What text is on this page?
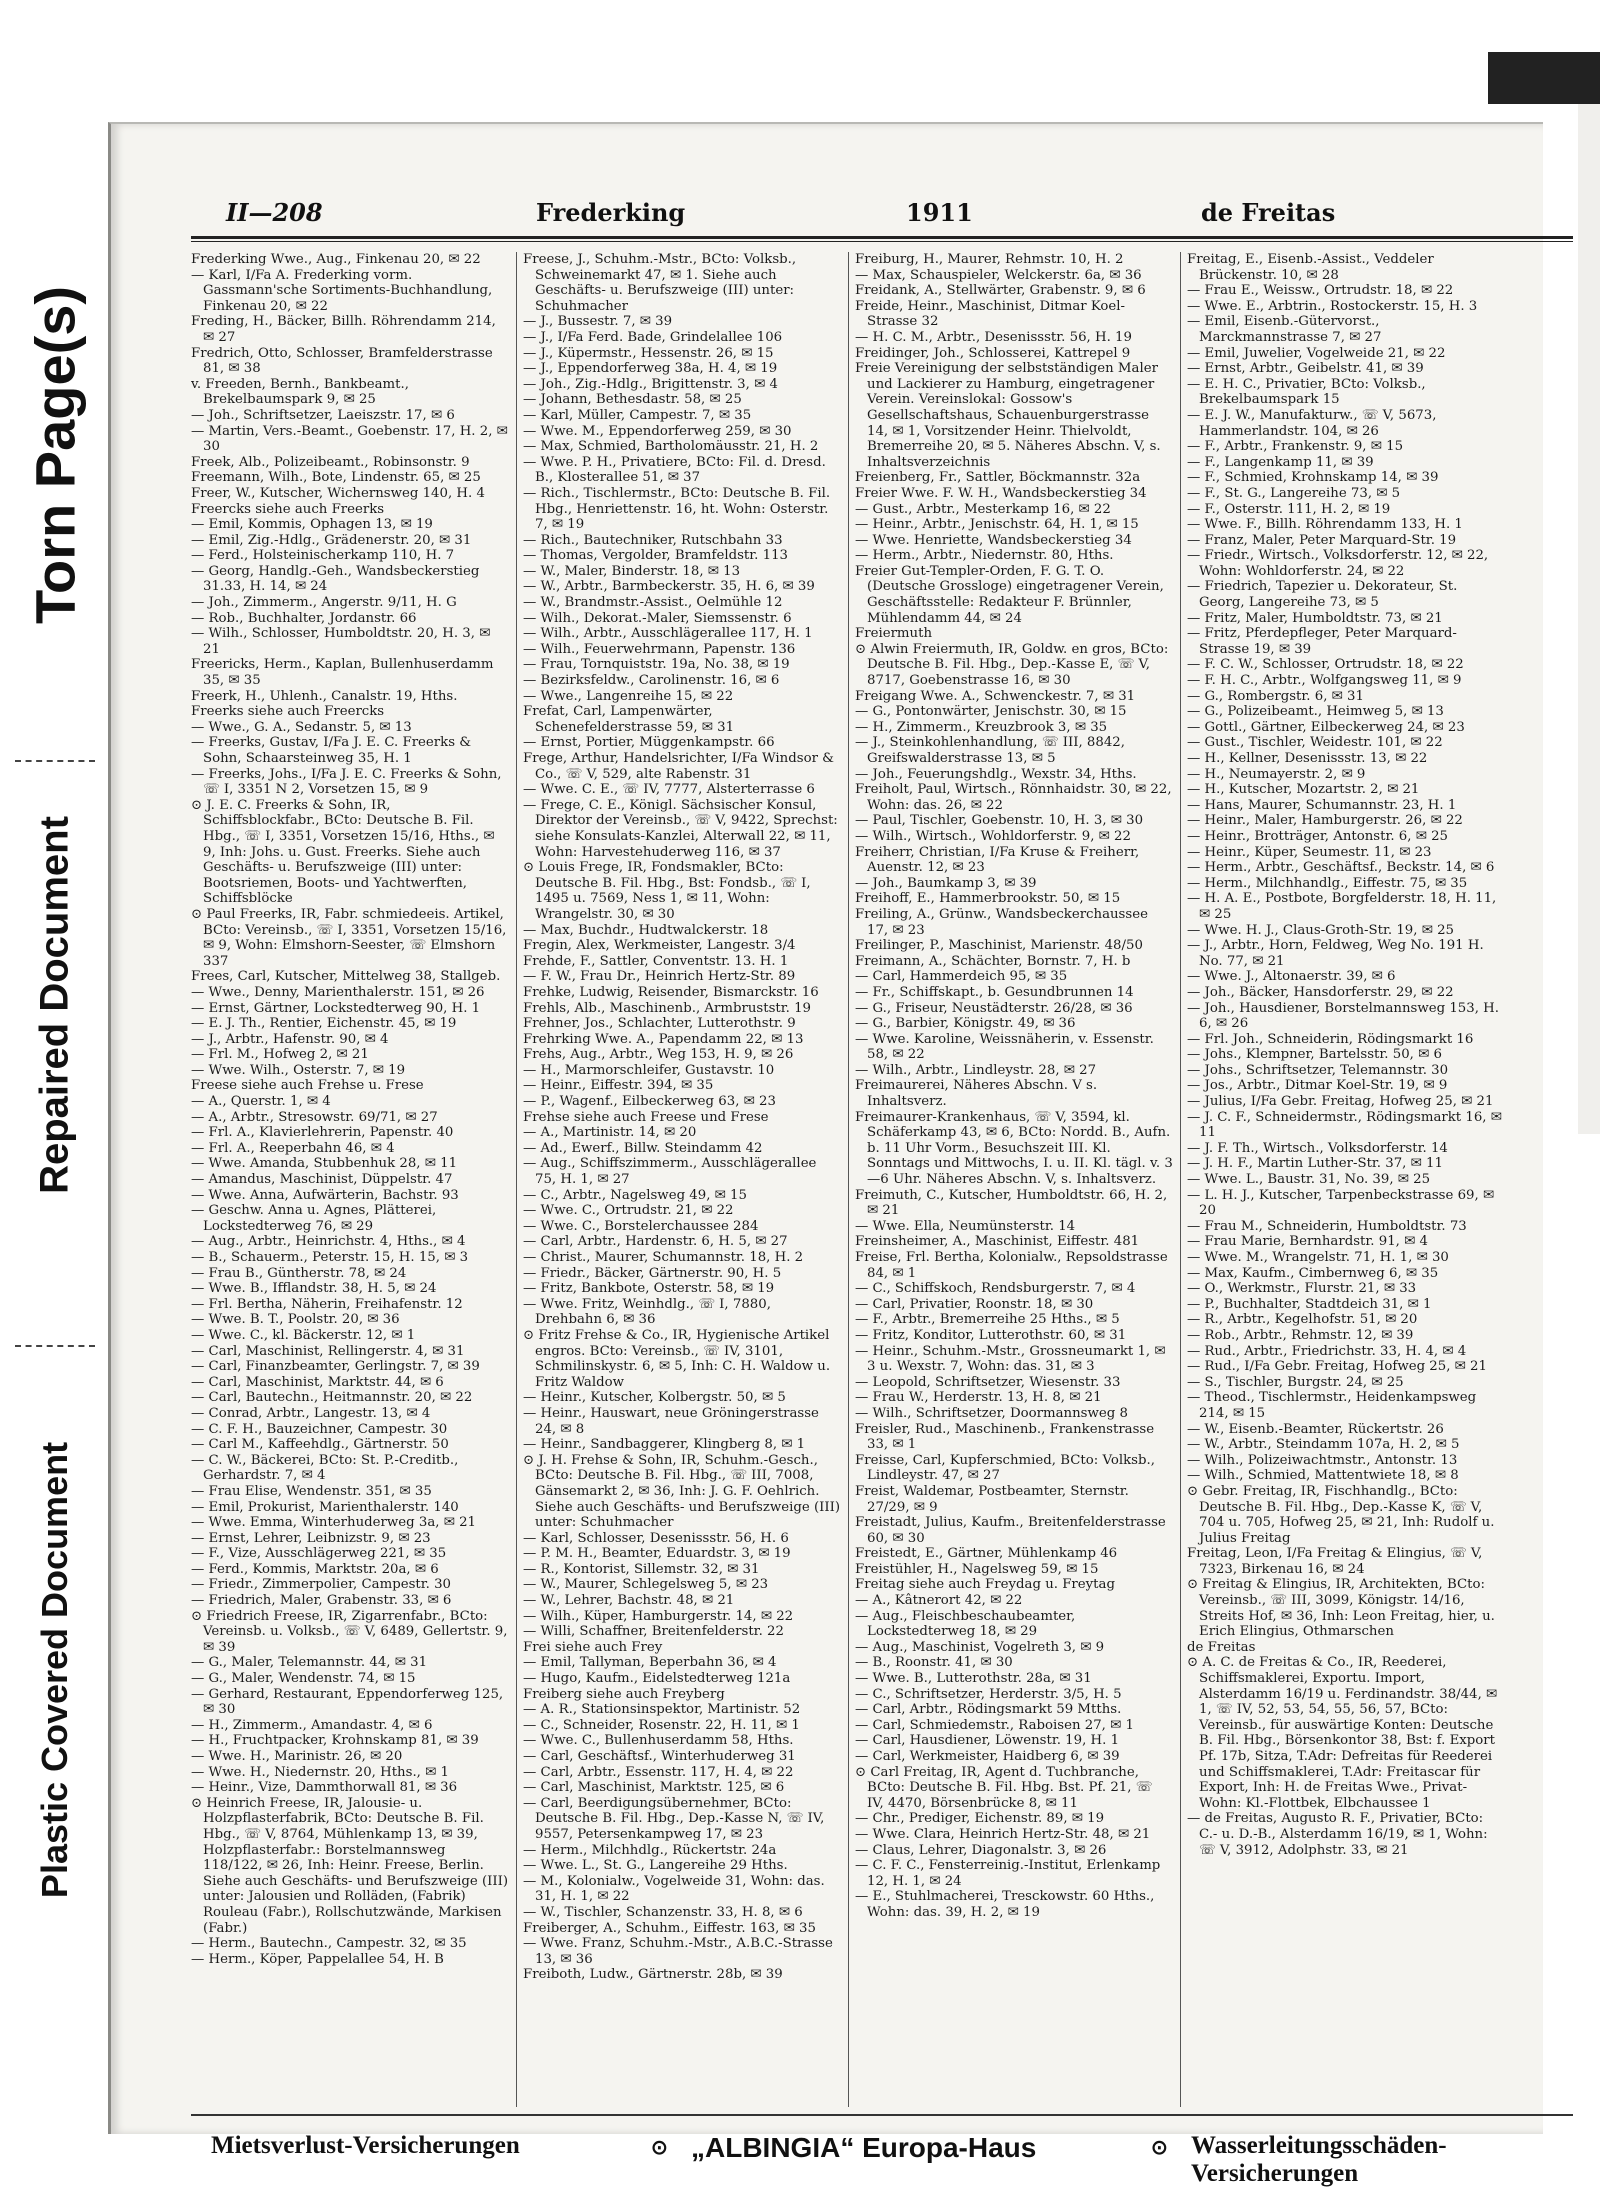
Torn Page(s)
Repaired Document
Plastic Covered Document
II—208	Frederking	1911	de Freitas

Frederking Wwe., Aug., Finkenau 20, ✉ 22

— Karl, I/Fa A. Frederking vorm. Gassmann'sche Sortiments-Buchhandlung, Finkenau 20, ✉ 22

Freding, H., Bäcker, Billh. Röhrendamm 214, ✉ 27

Fredrich, Otto, Schlosser, Bramfelderstrasse 81, ✉ 38

v. Freeden, Bernh., Bankbeamt., Brekelbaumspark 9, ✉ 25

— Joh., Schriftsetzer, Laeiszstr. 17, ✉ 6

— Martin, Vers.-Beamt., Goebenstr. 17, H. 2, ✉ 30

Freek, Alb., Polizeibeamt., Robinsonstr. 9

Freemann, Wilh., Bote, Lindenstr. 65, ✉ 25

Freer, W., Kutscher, Wichernsweg 140, H. 4

Freercks siehe auch Freerks

— Emil, Kommis, Ophagen 13, ✉ 19

— Emil, Zig.-Hdlg., Grädenerstr. 20, ✉ 31

— Ferd., Holsteinischerkamp 110, H. 7

— Georg, Handlg.-Geh., Wandsbeckerstieg 31.33, H. 14, ✉ 24

— Joh., Zimmerm., Angerstr. 9/11, H. G

— Rob., Buchhalter, Jordanstr. 66

— Wilh., Schlosser, Humboldtstr. 20, H. 3, ✉ 21

Freericks, Herm., Kaplan, Bullenhuserdamm 35, ✉ 35

Freerk, H., Uhlenh., Canalstr. 19, Hths.

Freerks siehe auch Freercks

— Wwe., G. A., Sedanstr. 5, ✉ 13

— Freerks, Gustav, I/Fa J. E. C. Freerks & Sohn, Schaarsteinweg 35, H. 1

— Freerks, Johs., I/Fa J. E. C. Freerks & Sohn, ☏ I, 3351 N 2, Vorsetzen 15, ✉ 9

⊙ J. E. C. Freerks & Sohn, IR, Schiffsblockfabr., BCto: Deutsche B. Fil. Hbg., ☏ I, 3351, Vorsetzen 15/16, Hths., ✉ 9, Inh: Johs. u. Gust. Freerks. Siehe auch Geschäfts- u. Berufszweige (III) unter: Bootsriemen, Boots- und Yachtwerften, Schiffsblöcke

⊙ Paul Freerks, IR, Fabr. schmiedeeis. Artikel, BCto: Vereinsb., ☏ I, 3351, Vorsetzen 15/16, ✉ 9, Wohn: Elmshorn-Seester, ☏ Elmshorn 337

Frees, Carl, Kutscher, Mittelweg 38, Stallgeb.

— Wwe., Denny, Marienthalerstr. 151, ✉ 26

— Ernst, Gärtner, Lockstedterweg 90, H. 1

— E. J. Th., Rentier, Eichenstr. 45, ✉ 19

— J., Arbtr., Hafenstr. 90, ✉ 4

— Frl. M., Hofweg 2, ✉ 21

— Wwe. Wilh., Osterstr. 7, ✉ 19

Freese siehe auch Frehse u. Frese

— A., Querstr. 1, ✉ 4

— A., Arbtr., Stresowstr. 69/71, ✉ 27

— Frl. A., Klavierlehrerin, Papenstr. 40

— Frl. A., Reeperbahn 46, ✉ 4

— Wwe. Amanda, Stubbenhuk 28, ✉ 11

— Amandus, Maschinist, Düppelstr. 47

— Wwe. Anna, Aufwärterin, Bachstr. 93

— Geschw. Anna u. Agnes, Plätterei, Lockstedterweg 76, ✉ 29

— Aug., Arbtr., Heinrichstr. 4, Hths., ✉ 4

— B., Schauerm., Peterstr. 15, H. 15, ✉ 3

— Frau B., Güntherstr. 78, ✉ 24

— Wwe. B., Ifflandstr. 38, H. 5, ✉ 24

— Frl. Bertha, Näherin, Freihafenstr. 12

— Wwe. B. T., Poolstr. 20, ✉ 36

— Wwe. C., kl. Bäckerstr. 12, ✉ 1

— Carl, Maschinist, Rellingerstr. 4, ✉ 31

— Carl, Finanzbeamter, Gerlingstr. 7, ✉ 39

— Carl, Maschinist, Marktstr. 44, ✉ 6

— Carl, Bautechn., Heitmannstr. 20, ✉ 22

— Conrad, Arbtr., Langestr. 13, ✉ 4

— C. F. H., Bauzeichner, Campestr. 30

— Carl M., Kaffeehdlg., Gärtnerstr. 50

— C. W., Bäckerei, BCto: St. P.-Creditb., Gerhardstr. 7, ✉ 4

— Frau Elise, Wendenstr. 351, ✉ 35

— Emil, Prokurist, Marienthalerstr. 140

— Wwe. Emma, Winterhuderweg 3a, ✉ 21

— Ernst, Lehrer, Leibnizstr. 9, ✉ 23

— F., Vize, Ausschlägerweg 221, ✉ 35

— Ferd., Kommis, Marktstr. 20a, ✉ 6

— Friedr., Zimmerpolier, Campestr. 30

— Friedrich, Maler, Grabenstr. 33, ✉ 6

⊙ Friedrich Freese, IR, Zigarrenfabr., BCto: Vereinsb. u. Volksb., ☏ V, 6489, Gellertstr. 9, ✉ 39

— G., Maler, Telemannstr. 44, ✉ 31

— G., Maler, Wendenstr. 74, ✉ 15

— Gerhard, Restaurant, Eppendorferweg 125, ✉ 30

— H., Zimmerm., Amandastr. 4, ✉ 6

— H., Fruchtpacker, Krohnskamp 81, ✉ 39

— Wwe. H., Marinistr. 26, ✉ 20

— Wwe. H., Niedernstr. 20, Hths., ✉ 1

— Heinr., Vize, Dammthorwall 81, ✉ 36

⊙ Heinrich Freese, IR, Jalousie- u. Holzpflasterfabrik, BCto: Deutsche B. Fil. Hbg., ☏ V, 8764, Mühlenkamp 13, ✉ 39, Holzpflasterfabr.: Borstelmannsweg 118/122, ✉ 26, Inh: Heinr. Freese, Berlin. Siehe auch Geschäfts- und Berufszweige (III) unter: Jalousien und Rolläden, (Fabrik) Rouleau (Fabr.), Rollschutzwände, Markisen (Fabr.)

— Herm., Bautechn., Campestr. 32, ✉ 35

— Herm., Köper, Pappelallee 54, H. B

Freese, J., Schuhm.-Mstr., BCto: Volksb., Schweinemarkt 47, ✉ 1. Siehe auch Geschäfts- u. Berufszweige (III) unter: Schuhmacher

— J., Bussestr. 7, ✉ 39

— J., I/Fa Ferd. Bade, Grindelallee 106

— J., Küpermstr., Hessenstr. 26, ✉ 15

— J., Eppendorferweg 38a, H. 4, ✉ 19

— Joh., Zig.-Hdlg., Brigittenstr. 3, ✉ 4

— Johann, Bethesdastr. 58, ✉ 25

— Karl, Müller, Campestr. 7, ✉ 35

— Wwe. M., Eppendorferweg 259, ✉ 30

— Max, Schmied, Bartholomäusstr. 21, H. 2

— Wwe. P. H., Privatiere, BCto: Fil. d. Dresd. B., Klosterallee 51, ✉ 37

— Rich., Tischlermstr., BCto: Deutsche B. Fil. Hbg., Henriettenstr. 16, ht. Wohn: Osterstr. 7, ✉ 19

— Rich., Bautechniker, Rutschbahn 33

— Thomas, Vergolder, Bramfeldstr. 113

— W., Maler, Binderstr. 18, ✉ 13

— W., Arbtr., Barmbeckerstr. 35, H. 6, ✉ 39

— W., Brandmstr.-Assist., Oelmühle 12

— Wilh., Dekorat.-Maler, Siemssenstr. 6

— Wilh., Arbtr., Ausschlägerallee 117, H. 1

— Wilh., Feuerwehrmann, Papenstr. 136

— Frau, Tornquiststr. 19a, No. 38, ✉ 19

— Bezirksfeldw., Carolinenstr. 16, ✉ 6

— Wwe., Langenreihe 15, ✉ 22

Frefat, Carl, Lampenwärter, Schenefelderstrasse 59, ✉ 31

— Ernst, Portier, Müggenkampstr. 66

Frege, Arthur, Handelsrichter, I/Fa Windsor & Co., ☏ V, 529, alte Rabenstr. 31

— Wwe. C. E., ☏ IV, 7777, Alsterterrasse 6

— Frege, C. E., Königl. Sächsischer Konsul, Direktor der Vereinsb., ☏ V, 9422, Sprechst: siehe Konsulats-Kanzlei, Alterwall 22, ✉ 11, Wohn: Harvestehuderweg 116, ✉ 37

⊙ Louis Frege, IR, Fondsmakler, BCto: Deutsche B. Fil. Hbg., Bst: Fondsb., ☏ I, 1495 u. 7569, Ness 1, ✉ 11, Wohn: Wrangelstr. 30, ✉ 30

— Max, Buchdr., Hudtwalckerstr. 18

Fregin, Alex, Werkmeister, Langestr. 3/4

Frehde, F., Sattler, Conventstr. 13. H. 1

— F. W., Frau Dr., Heinrich Hertz-Str. 89

Frehke, Ludwig, Reisender, Bismarckstr. 16

Frehls, Alb., Maschinenb., Armbruststr. 19

Frehner, Jos., Schlachter, Lutterothstr. 9

Frehrking Wwe. A., Papendamm 22, ✉ 13

Frehs, Aug., Arbtr., Weg 153, H. 9, ✉ 26

— H., Marmorschleifer, Gustavstr. 10

— Heinr., Eiffestr. 394, ✉ 35

— P., Wagenf., Eilbeckerweg 63, ✉ 23

Frehse siehe auch Freese und Frese

— A., Martinistr. 14, ✉ 20

— Ad., Ewerf., Billw. Steindamm 42

— Aug., Schiffszimmerm., Ausschlägerallee 75, H. 1, ✉ 27

— C., Arbtr., Nagelsweg 49, ✉ 15

— Wwe. C., Ortrudstr. 21, ✉ 22

— Wwe. C., Borstelerchaussee 284

— Carl, Arbtr., Hardenstr. 6, H. 5, ✉ 27

— Christ., Maurer, Schumannstr. 18, H. 2

— Friedr., Bäcker, Gärtnerstr. 90, H. 5

— Fritz, Bankbote, Osterstr. 58, ✉ 19

— Wwe. Fritz, Weinhdlg., ☏ I, 7880, Drehbahn 6, ✉ 36

⊙ Fritz Frehse & Co., IR, Hygienische Artikel engros. BCto: Vereinsb., ☏ IV, 3101, Schmilinskystr. 6, ✉ 5, Inh: C. H. Waldow u. Fritz Waldow

— Heinr., Kutscher, Kolbergstr. 50, ✉ 5

— Heinr., Hauswart, neue Gröningerstrasse 24, ✉ 8

— Heinr., Sandbaggerer, Klingberg 8, ✉ 1

⊙ J. H. Frehse & Sohn, IR, Schuhm.-Gesch., BCto: Deutsche B. Fil. Hbg., ☏ III, 7008, Gänsemarkt 2, ✉ 36, Inh: J. G. F. Oehlrich. Siehe auch Geschäfts- und Berufszweige (III) unter: Schuhmacher

— Karl, Schlosser, Desenissstr. 56, H. 6

— P. M. H., Beamter, Eduardstr. 3, ✉ 19

— R., Kontorist, Sillemstr. 32, ✉ 31

— W., Maurer, Schlegelsweg 5, ✉ 23

— W., Lehrer, Bachstr. 48, ✉ 21

— Wilh., Küper, Hamburgerstr. 14, ✉ 22

— Willi, Schaffner, Breitenfelderstr. 22

Frei siehe auch Frey

— Emil, Tallyman, Beperbahn 36, ✉ 4

— Hugo, Kaufm., Eidelstedterweg 121a

Freiberg siehe auch Freyberg

— A. R., Stationsinspektor, Martinistr. 52

— C., Schneider, Rosenstr. 22, H. 11, ✉ 1

— Wwe. C., Bullenhuserdamm 58, Hths.

— Carl, Geschäftsf., Winterhuderweg 31

— Carl, Arbtr., Essenstr. 117, H. 4, ✉ 22

— Carl, Maschinist, Marktstr. 125, ✉ 6

— Carl, Beerdigungsübernehmer, BCto: Deutsche B. Fil. Hbg., Dep.-Kasse N, ☏ IV, 9557, Petersenkampweg 17, ✉ 23

— Herm., Milchhdlg., Rückertstr. 24a

— Wwe. L., St. G., Langereihe 29 Hths.

— M., Kolonialw., Vogelweide 31, Wohn: das. 31, H. 1, ✉ 22

— W., Tischler, Schanzenstr. 33, H. 8, ✉ 6

Freiberger, A., Schuhm., Eiffestr. 163, ✉ 35

— Wwe. Franz, Schuhm.-Mstr., A.B.C.-Strasse 13, ✉ 36

Freiboth, Ludw., Gärtnerstr. 28b, ✉ 39

Freiburg, H., Maurer, Rehmstr. 10, H. 2

— Max, Schauspieler, Welckerstr. 6a, ✉ 36

Freidank, A., Stellwärter, Grabenstr. 9, ✉ 6

Freide, Heinr., Maschinist, Ditmar Koel-Strasse 32

— H. C. M., Arbtr., Desenissstr. 56, H. 19

Freidinger, Joh., Schlosserei, Kattrepel 9

Freie Vereinigung der selbstständigen Maler und Lackierer zu Hamburg, eingetragener Verein. Vereinslokal: Gossow's Gesellschaftshaus, Schauenburgerstrasse 14, ✉ 1, Vorsitzender Heinr. Thielvoldt, Bremerreihe 20, ✉ 5. Näheres Abschn. V, s. Inhaltsverzeichnis

Freienberg, Fr., Sattler, Böckmannstr. 32a

Freier Wwe. F. W. H., Wandsbeckerstieg 34

— Gust., Arbtr., Mesterkamp 16, ✉ 22

— Heinr., Arbtr., Jenischstr. 64, H. 1, ✉ 15

— Wwe. Henriette, Wandsbeckerstieg 34

— Herm., Arbtr., Niedernstr. 80, Hths.

Freier Gut-Templer-Orden, F. G. T. O. (Deutsche Grossloge) eingetragener Verein, Geschäftsstelle: Redakteur F. Brünnler, Mühlendamm 44, ✉ 24

Freiermuth

⊙ Alwin Freiermuth, IR, Goldw. en gros, BCto: Deutsche B. Fil. Hbg., Dep.-Kasse E, ☏ V, 8717, Goebenstrasse 16, ✉ 30

Freigang Wwe. A., Schwenckestr. 7, ✉ 31

— G., Pontonwärter, Jenischstr. 30, ✉ 15

— H., Zimmerm., Kreuzbrook 3, ✉ 35

— J., Steinkohlenhandlung, ☏ III, 8842, Greifswalderstrasse 13, ✉ 5

— Joh., Feuerungshdlg., Wexstr. 34, Hths.

Freiholt, Paul, Wirtsch., Rönnhaidstr. 30, ✉ 22, Wohn: das. 26, ✉ 22

— Paul, Tischler, Goebenstr. 10, H. 3, ✉ 30

— Wilh., Wirtsch., Wohldorferstr. 9, ✉ 22

Freiherr, Christian, I/Fa Kruse & Freiherr, Auenstr. 12, ✉ 23

— Joh., Baumkamp 3, ✉ 39

Freihoff, E., Hammerbrookstr. 50, ✉ 15

Freiling, A., Grünw., Wandsbeckerchaussee 17, ✉ 23

Freilinger, P., Maschinist, Marienstr. 48/50

Freimann, A., Schächter, Bornstr. 7, H. b

— Carl, Hammerdeich 95, ✉ 35

— Fr., Schiffskapt., b. Gesundbrunnen 14

— G., Friseur, Neustädterstr. 26/28, ✉ 36

— G., Barbier, Königstr. 49, ✉ 36

— Wwe. Karoline, Weissnäherin, v. Essenstr. 58, ✉ 22

— Wilh., Arbtr., Lindleystr. 28, ✉ 27

Freimaurerei, Näheres Abschn. V s. Inhaltsverz.

Freimaurer-Krankenhaus, ☏ V, 3594, kl. Schäferkamp 43, ✉ 6, BCto: Nordd. B., Aufn. b. 11 Uhr Vorm., Besuchszeit III. Kl. Sonntags und Mittwochs, I. u. II. Kl. tägl. v. 3—6 Uhr. Näheres Abschn. V, s. Inhaltsverz.

Freimuth, C., Kutscher, Humboldtstr. 66, H. 2, ✉ 21

— Wwe. Ella, Neumünsterstr. 14

Freinsheimer, A., Maschinist, Eiffestr. 481

Freise, Frl. Bertha, Kolonialw., Repsoldstrasse 84, ✉ 1

— C., Schiffskoch, Rendsburgerstr. 7, ✉ 4

— Carl, Privatier, Roonstr. 18, ✉ 30

— F., Arbtr., Bremerreihe 25 Hths., ✉ 5

— Fritz, Konditor, Lutterothstr. 60, ✉ 31

— Heinr., Schuhm.-Mstr., Grossneumarkt 1, ✉ 3 u. Wexstr. 7, Wohn: das. 31, ✉ 3

— Leopold, Schriftsetzer, Wiesenstr. 33

— Frau W., Herderstr. 13, H. 8, ✉ 21

— Wilh., Schriftsetzer, Doormannsweg 8

Freisler, Rud., Maschinenb., Frankenstrasse 33, ✉ 1

Freisse, Carl, Kupferschmied, BCto: Volksb., Lindleystr. 47, ✉ 27

Freist, Waldemar, Postbeamter, Sternstr. 27/29, ✉ 9

Freistadt, Julius, Kaufm., Breitenfelderstrasse 60, ✉ 30

Freistedt, E., Gärtner, Mühlenkamp 46

Freistühler, H., Nagelsweg 59, ✉ 15

Freitag siehe auch Freydag u. Freytag

— A., Kâtnerort 42, ✉ 22

— Aug., Fleischbeschaubeamter, Lockstedterweg 18, ✉ 29

— Aug., Maschinist, Vogelreth 3, ✉ 9

— B., Roonstr. 41, ✉ 30

— Wwe. B., Lutterothstr. 28a, ✉ 31

— C., Schriftsetzer, Herderstr. 3/5, H. 5

— Carl, Arbtr., Rödingsmarkt 59 Mtths.

— Carl, Schmiedemstr., Raboisen 27, ✉ 1

— Carl, Hausdiener, Löwenstr. 19, H. 1

— Carl, Werkmeister, Haidberg 6, ✉ 39

⊙ Carl Freitag, IR, Agent d. Tuchbranche, BCto: Deutsche B. Fil. Hbg. Bst. Pf. 21, ☏ IV, 4470, Börsenbrücke 8, ✉ 11

— Chr., Prediger, Eichenstr. 89, ✉ 19

— Wwe. Clara, Heinrich Hertz-Str. 48, ✉ 21

— Claus, Lehrer, Diagonalstr. 3, ✉ 26

— C. F. C., Fensterreinig.-Institut, Erlenkamp 12, H. 1, ✉ 24

— E., Stuhlmacherei, Tresckowstr. 60 Hths., Wohn: das. 39, H. 2, ✉ 19

Freitag, E., Eisenb.-Assist., Veddeler Brückenstr. 10, ✉ 28

— Frau E., Weissw., Ortrudstr. 18, ✉ 22

— Wwe. E., Arbtrin., Rostockerstr. 15, H. 3

— Emil, Eisenb.-Gütervorst., Marckmannstrasse 7, ✉ 27

— Emil, Juwelier, Vogelweide 21, ✉ 22

— Ernst, Arbtr., Geibelstr. 41, ✉ 39

— E. H. C., Privatier, BCto: Volksb., Brekelbaumspark 15

— E. J. W., Manufakturw., ☏ V, 5673, Hammerlandstr. 104, ✉ 26

— F., Arbtr., Frankenstr. 9, ✉ 15

— F., Langenkamp 11, ✉ 39

— F., Schmied, Krohnskamp 14, ✉ 39

— F., St. G., Langereihe 73, ✉ 5

— F., Osterstr. 111, H. 2, ✉ 19

— Wwe. F., Billh. Röhrendamm 133, H. 1

— Franz, Maler, Peter Marquard-Str. 19

— Friedr., Wirtsch., Volksdorferstr. 12, ✉ 22, Wohn: Wohldorferstr. 24, ✉ 22

— Friedrich, Tapezier u. Dekorateur, St. Georg, Langereihe 73, ✉ 5

— Fritz, Maler, Humboldtstr. 73, ✉ 21

— Fritz, Pferdepfleger, Peter Marquard-Strasse 19, ✉ 39

— F. C. W., Schlosser, Ortrudstr. 18, ✉ 22

— F. H. C., Arbtr., Wolfgangsweg 11, ✉ 9

— G., Rombergstr. 6, ✉ 31

— G., Polizeibeamt., Heimweg 5, ✉ 13

— Gottl., Gärtner, Eilbeckerweg 24, ✉ 23

— Gust., Tischler, Weidestr. 101, ✉ 22

— H., Kellner, Desenissstr. 13, ✉ 22

— H., Neumayerstr. 2, ✉ 9

— H., Kutscher, Mozartstr. 2, ✉ 21

— Hans, Maurer, Schumannstr. 23, H. 1

— Heinr., Maler, Hamburgerstr. 26, ✉ 22

— Heinr., Brotträger, Antonstr. 6, ✉ 25

— Heinr., Küper, Seumestr. 11, ✉ 23

— Herm., Arbtr., Geschäftsf., Beckstr. 14, ✉ 6

— Herm., Milchhandlg., Eiffestr. 75, ✉ 35

— H. A. E., Postbote, Borgfelderstr. 18, H. 11, ✉ 25

— Wwe. H. J., Claus-Groth-Str. 19, ✉ 25

— J., Arbtr., Horn, Feldweg, Weg No. 191 H. No. 77, ✉ 21

— Wwe. J., Altonaerstr. 39, ✉ 6

— Joh., Bäcker, Hansdorferstr. 29, ✉ 22

— Joh., Hausdiener, Borstelmannsweg 153, H. 6, ✉ 26

— Frl. Joh., Schneiderin, Rödingsmarkt 16

— Johs., Klempner, Bartelsstr. 50, ✉ 6

— Johs., Schriftsetzer, Telemannstr. 30

— Jos., Arbtr., Ditmar Koel-Str. 19, ✉ 9

— Julius, I/Fa Gebr. Freitag, Hofweg 25, ✉ 21

— J. C. F., Schneidermstr., Rödingsmarkt 16, ✉ 11

— J. F. Th., Wirtsch., Volksdorferstr. 14

— J. H. F., Martin Luther-Str. 37, ✉ 11

— Wwe. L., Baustr. 31, No. 39, ✉ 25

— L. H. J., Kutscher, Tarpenbeckstrasse 69, ✉ 20

— Frau M., Schneiderin, Humboldtstr. 73

— Frau Marie, Bernhardstr. 91, ✉ 4

— Wwe. M., Wrangelstr. 71, H. 1, ✉ 30

— Max, Kaufm., Cimbernweg 6, ✉ 35

— O., Werkmstr., Flurstr. 21, ✉ 33

— P., Buchhalter, Stadtdeich 31, ✉ 1

— R., Arbtr., Kegelhofstr. 51, ✉ 20

— Rob., Arbtr., Rehmstr. 12, ✉ 39

— Rud., Arbtr., Friedrichstr. 33, H. 4, ✉ 4

— Rud., I/Fa Gebr. Freitag, Hofweg 25, ✉ 21

— S., Tischler, Burgstr. 24, ✉ 25

— Theod., Tischlermstr., Heidenkampsweg 214, ✉ 15

— W., Eisenb.-Beamter, Rückertstr. 26

— W., Arbtr., Steindamm 107a, H. 2, ✉ 5

— Wilh., Polizeiwachtmstr., Antonstr. 13

— Wilh., Schmied, Mattentwiete 18, ✉ 8

⊙ Gebr. Freitag, IR, Fischhandlg., BCto: Deutsche B. Fil. Hbg., Dep.-Kasse K, ☏ V, 704 u. 705, Hofweg 25, ✉ 21, Inh: Rudolf u. Julius Freitag

Freitag, Leon, I/Fa Freitag & Elingius, ☏ V, 7323, Birkenau 16, ✉ 24

⊙ Freitag & Elingius, IR, Architekten, BCto: Vereinsb., ☏ III, 3099, Königstr. 14/16, Streits Hof, ✉ 36, Inh: Leon Freitag, hier, u. Erich Elingius, Othmarschen

de Freitas

⊙ A. C. de Freitas & Co., IR, Reederei, Schiffsmaklerei, Exportu. Import, Alsterdamm 16/19 u. Ferdinandstr. 38/44, ✉ 1, ☏ IV, 52, 53, 54, 55, 56, 57, BCto: Vereinsb., für auswärtige Konten: Deutsche B. Fil. Hbg., Börsenkontor 38, Bst: f. Export Pf. 17b, Sitza, T.Adr: Defreitas für Reederei und Schiffsmaklerei, T.Adr: Freitascar für Export, Inh: H. de Freitas Wwe., Privat-Wohn: Kl.-Flottbek, Elbchaussee 1

— de Freitas, Augusto R. F., Privatier, BCto: C.- u. D.-B., Alsterdamm 16/19, ✉ 1, Wohn: ☏ V, 3912, Adolphstr. 33, ✉ 21

Mietsverlust-Versicherungen	⊙ „ALBINGIA“ Europa-Haus	⊙ Wasserleitungsschäden-Versicherungen
